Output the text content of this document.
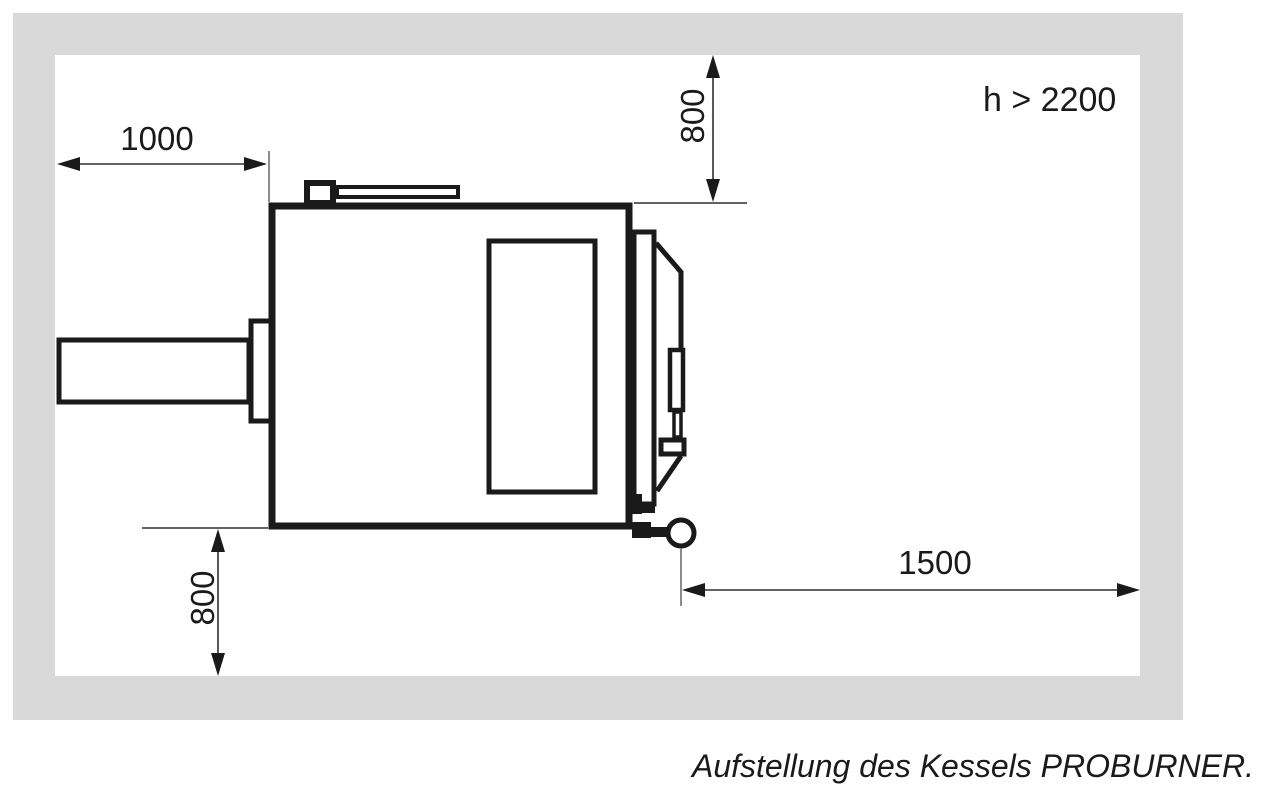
1000	800
800
1500
h > 2200
Aufstellung des Kessels PROBURNER.
